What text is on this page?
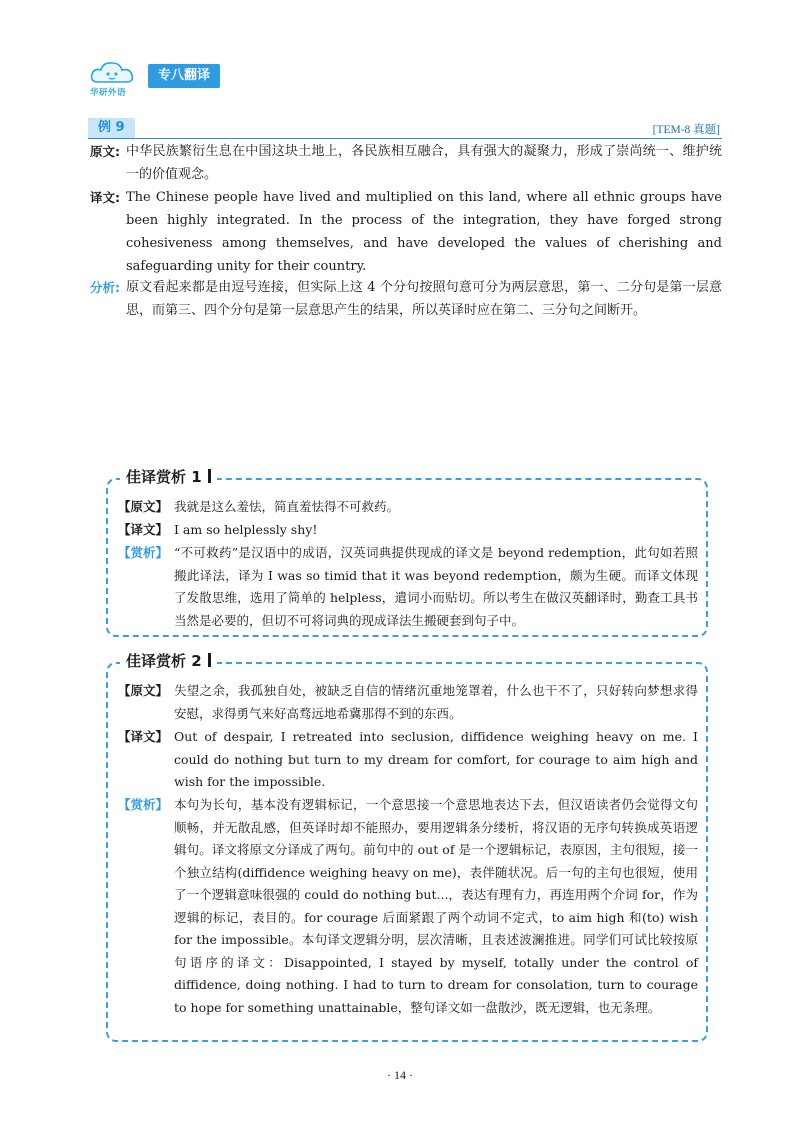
华研外语
专八翻译
例 9	[TEM-8 真题]
原文: 中华民族繁衍生息在中国这块土地上，各民族相互融合，具有强大的凝聚力，形成了崇尚统一、维护统一的价值观念。
译文: The Chinese people have lived and multiplied on this land, where all ethnic groups have been highly integrated. In the process of the integration, they have forged strong cohesiveness among themselves, and have developed the values of cherishing and safeguarding unity for their country.
分析: 原文看起来都是由逗号连接，但实际上这 4 个分句按照句意可分为两层意思，第一、二分句是第一层意思，而第三、四个分句是第一层意思产生的结果，所以英译时应在第二、三分句之间断开。
佳译赏析 1
【原文】 我就是这么羞怯，简直羞怯得不可救药。
【译文】 I am so helplessly shy!
【赏析】 “不可救药”是汉语中的成语，汉英词典提供现成的译文是 beyond redemption，此句如若照搬此译法，译为 I was so timid that it was beyond redemption，颇为生硬。而译文体现了发散思维，选用了简单的 helpless，遣词小而贴切。所以考生在做汉英翻译时，勤查工具书当然是必要的，但切不可将词典的现成译法生搬硬套到句子中。
佳译赏析 2
【原文】 失望之余，我孤独自处，被缺乏自信的情绪沉重地笼罩着，什么也干不了，只好转向梦想求得安慰，求得勇气来好高骛远地希冀那得不到的东西。
【译文】 Out of despair, I retreated into seclusion, diffidence weighing heavy on me. I could do nothing but turn to my dream for comfort, for courage to aim high and wish for the impossible.
【赏析】 本句为长句，基本没有逻辑标记，一个意思接一个意思地表达下去，但汉语读者仍会觉得文句顺畅，并无散乱感，但英译时却不能照办，要用逻辑条分缕析，将汉语的无序句转换成英语逻辑句。译文将原文分译成了两句。前句中的 out of 是一个逻辑标记，表原因，主句很短，接一个独立结构(diffidence weighing heavy on me)，表伴随状况。后一句的主句也很短，使用了一个逻辑意味很强的 could do nothing but...，表达有理有力，再连用两个介词 for，作为逻辑的标记，表目的。for courage 后面紧跟了两个动词不定式，to aim high 和(to) wish for the impossible。本句译文逻辑分明，层次清晰，且表述波澜推进。同学们可试比较按原句语序的译文：Disappointed, I stayed by myself, totally under the control of diffidence, doing nothing. I had to turn to dream for consolation, turn to courage to hope for something unattainable，整句译文如一盘散沙，既无逻辑，也无条理。
· 14 ·
